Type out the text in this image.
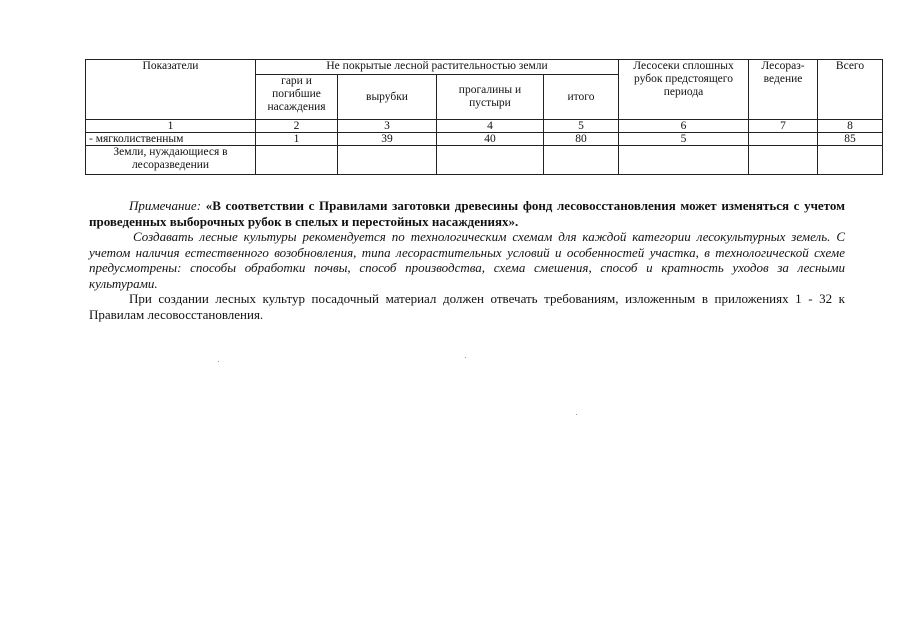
Показатели	Не покрытые лесной растительностью земли				Лесосеки сплошных рубок предстоящего периода	Лесораз-ведение	Всего
	гари и погибшие насаждения	вырубки	прогалины и пустыри	итого			
1	2	3	4	5	6	7	8
- мягколиственным	1	39	40	80	5		85
Земли, нуждающиеся в лесоразведении							

Примечание: «В соответствии с Правилами заготовки древесины фонд лесовосстановления может изменяться с учетом проведенных выборочных рубок в спелых и перестойных насаждениях».

Создавать лесные культуры рекомендуется по технологическим схемам для каждой категории лесокультурных земель. С учетом наличия естественного возобновления, типа лесорастительных условий и особенностей участка, в технологической схеме предусмотрены: способы обработки почвы, способ производства, схема смешения, способ и кратность уходов за лесными культурами.

При создании лесных культур посадочный материал должен отвечать требованиям, изложенным в приложениях 1 - 32 к Правилам лесовосстановления.
